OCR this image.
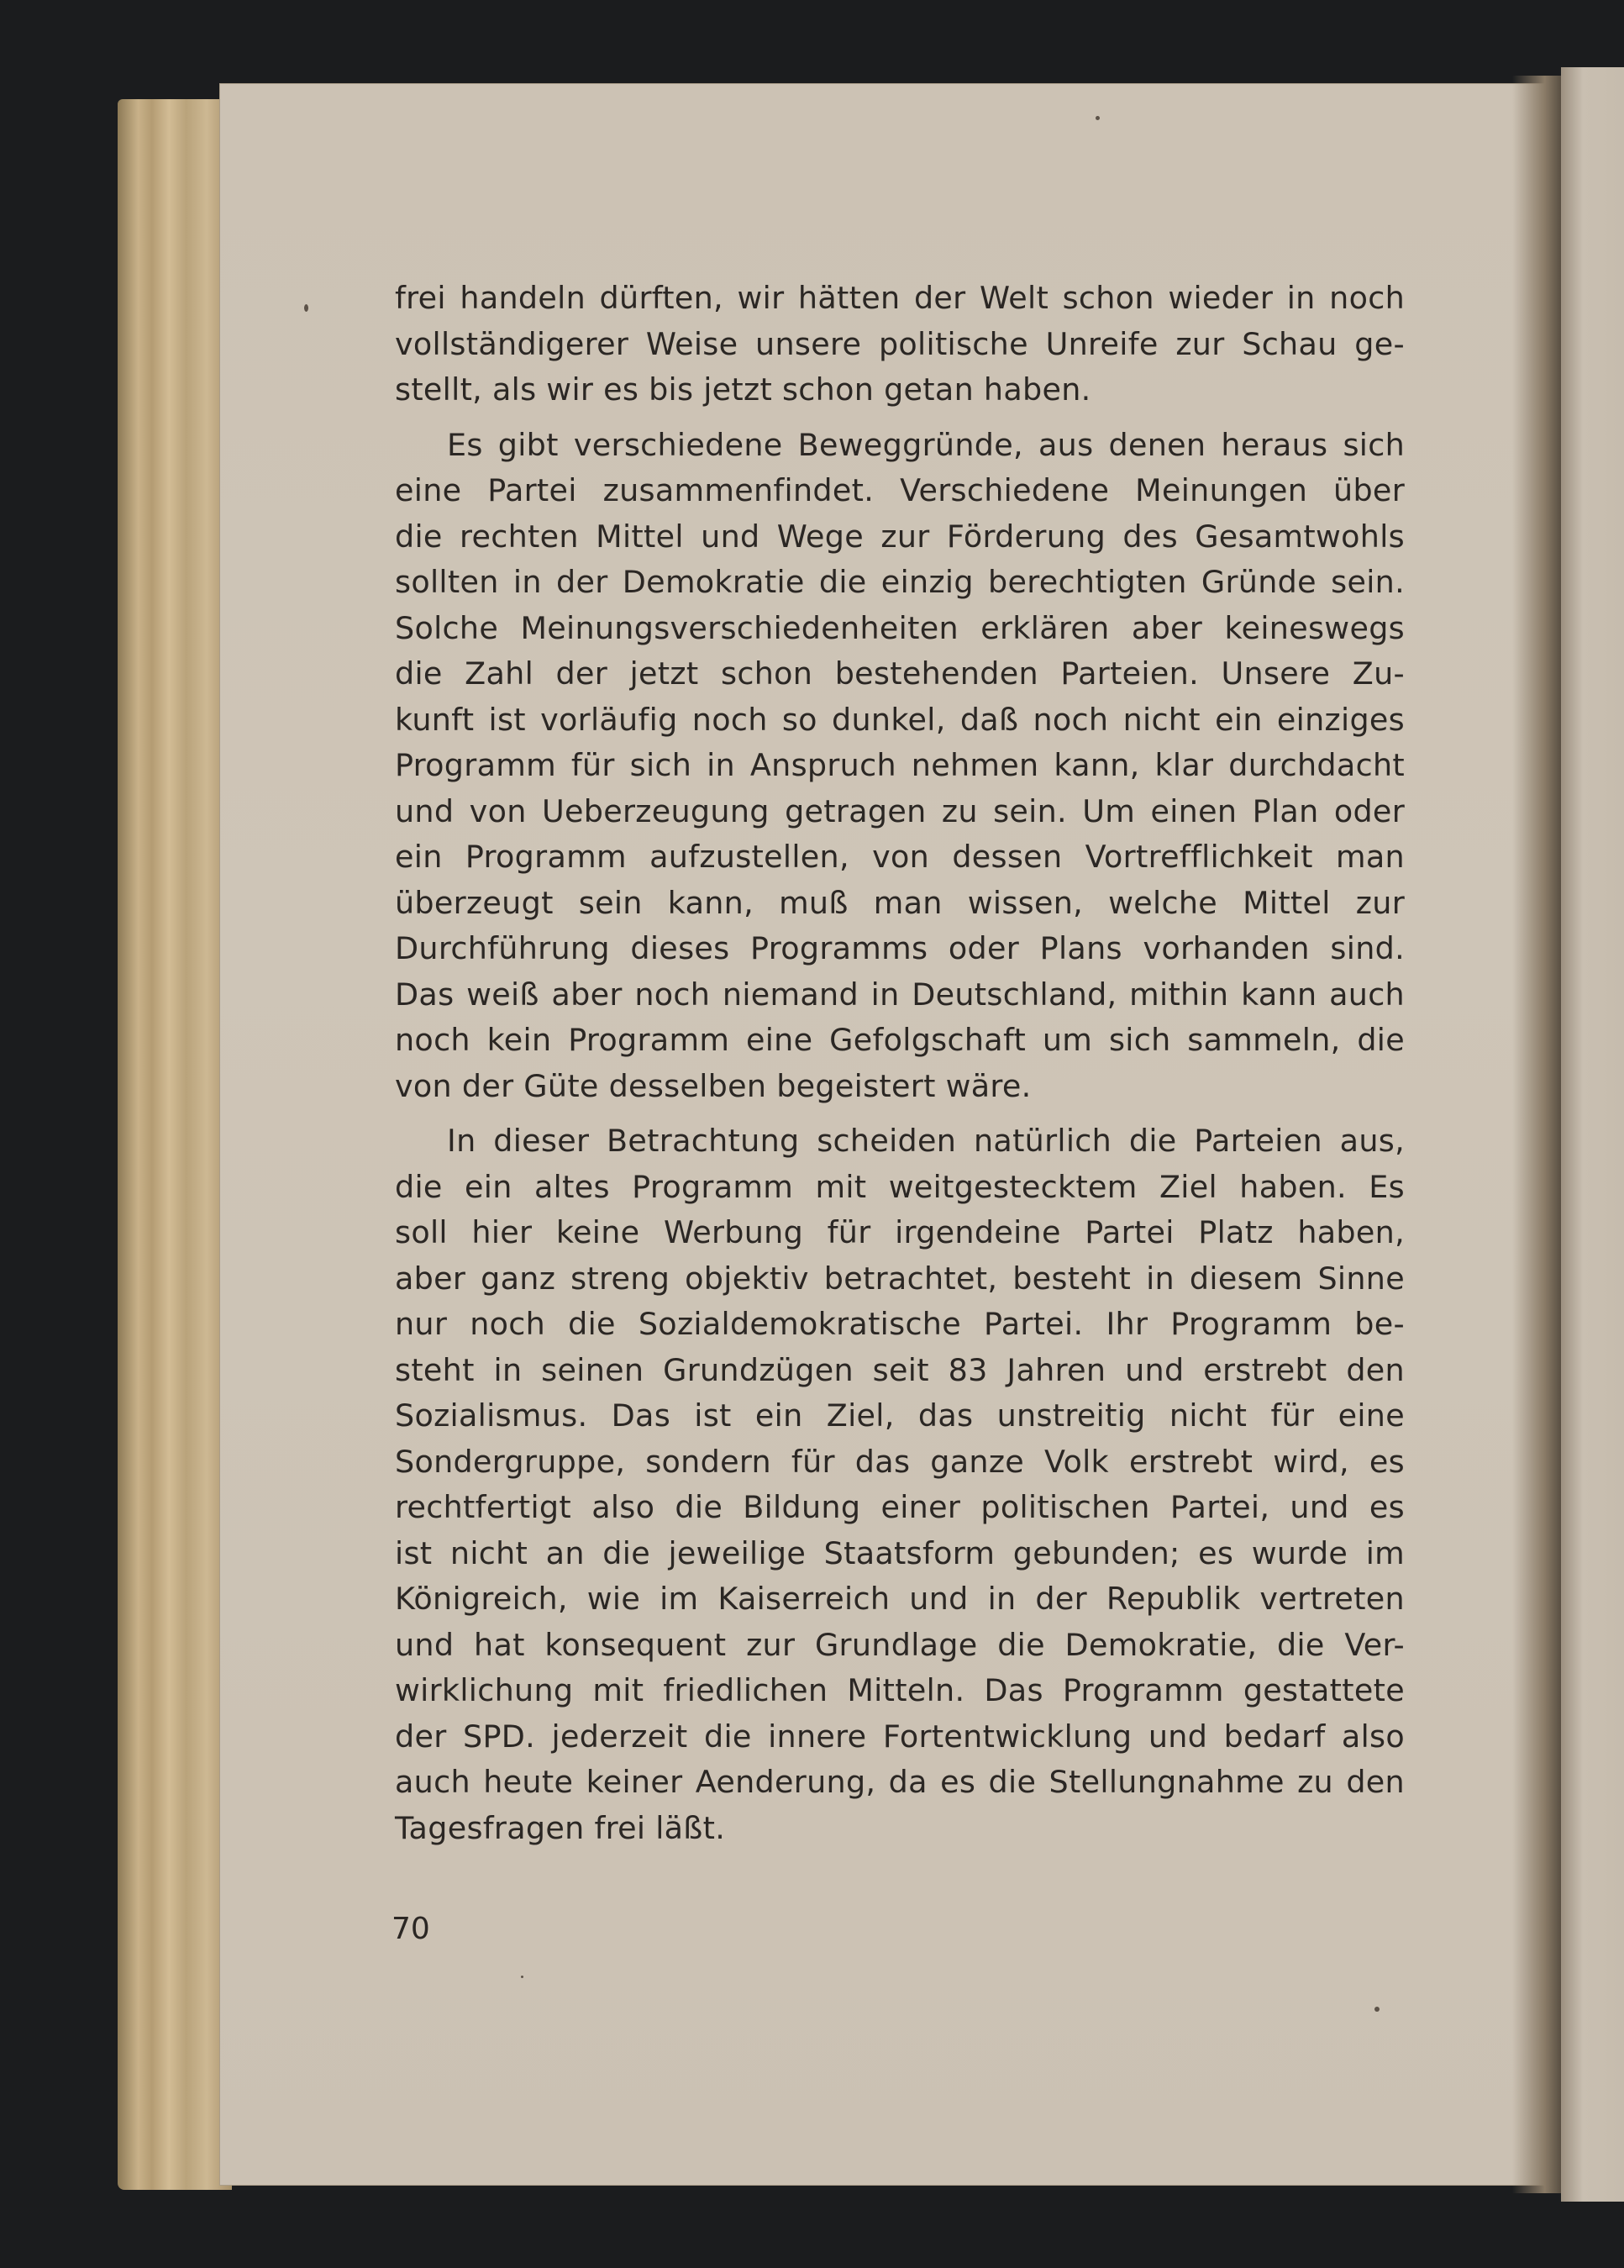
frei handeln dürften, wir hätten der Welt schon wieder in noch
vollständigerer Weise unsere politische Unreife zur Schau ge-
stellt, als wir es bis jetzt schon getan haben.
Es gibt verschiedene Beweggründe, aus denen heraus sich
eine Partei zusammenfindet. Verschiedene Meinungen über
die rechten Mittel und Wege zur Förderung des Gesamtwohls
sollten in der Demokratie die einzig berechtigten Gründe sein.
Solche Meinungsverschiedenheiten erklären aber keineswegs
die Zahl der jetzt schon bestehenden Parteien. Unsere Zu-
kunft ist vorläufig noch so dunkel, daß noch nicht ein einziges
Programm für sich in Anspruch nehmen kann, klar durchdacht
und von Ueberzeugung getragen zu sein. Um einen Plan oder
ein Programm aufzustellen, von dessen Vortrefflichkeit man
überzeugt sein kann, muß man wissen, welche Mittel zur
Durchführung dieses Programms oder Plans vorhanden sind.
Das weiß aber noch niemand in Deutschland, mithin kann auch
noch kein Programm eine Gefolgschaft um sich sammeln, die
von der Güte desselben begeistert wäre.
In dieser Betrachtung scheiden natürlich die Parteien aus,
die ein altes Programm mit weitgestecktem Ziel haben. Es
soll hier keine Werbung für irgendeine Partei Platz haben,
aber ganz streng objektiv betrachtet, besteht in diesem Sinne
nur noch die Sozialdemokratische Partei. Ihr Programm be-
steht in seinen Grundzügen seit 83 Jahren und erstrebt den
Sozialismus. Das ist ein Ziel, das unstreitig nicht für eine
Sondergruppe, sondern für das ganze Volk erstrebt wird, es
rechtfertigt also die Bildung einer politischen Partei, und es
ist nicht an die jeweilige Staatsform gebunden; es wurde im
Königreich, wie im Kaiserreich und in der Republik vertreten
und hat konsequent zur Grundlage die Demokratie, die Ver-
wirklichung mit friedlichen Mitteln. Das Programm gestattete
der SPD. jederzeit die innere Fortentwicklung und bedarf also
auch heute keiner Aenderung, da es die Stellungnahme zu den
Tagesfragen frei läßt.
70
